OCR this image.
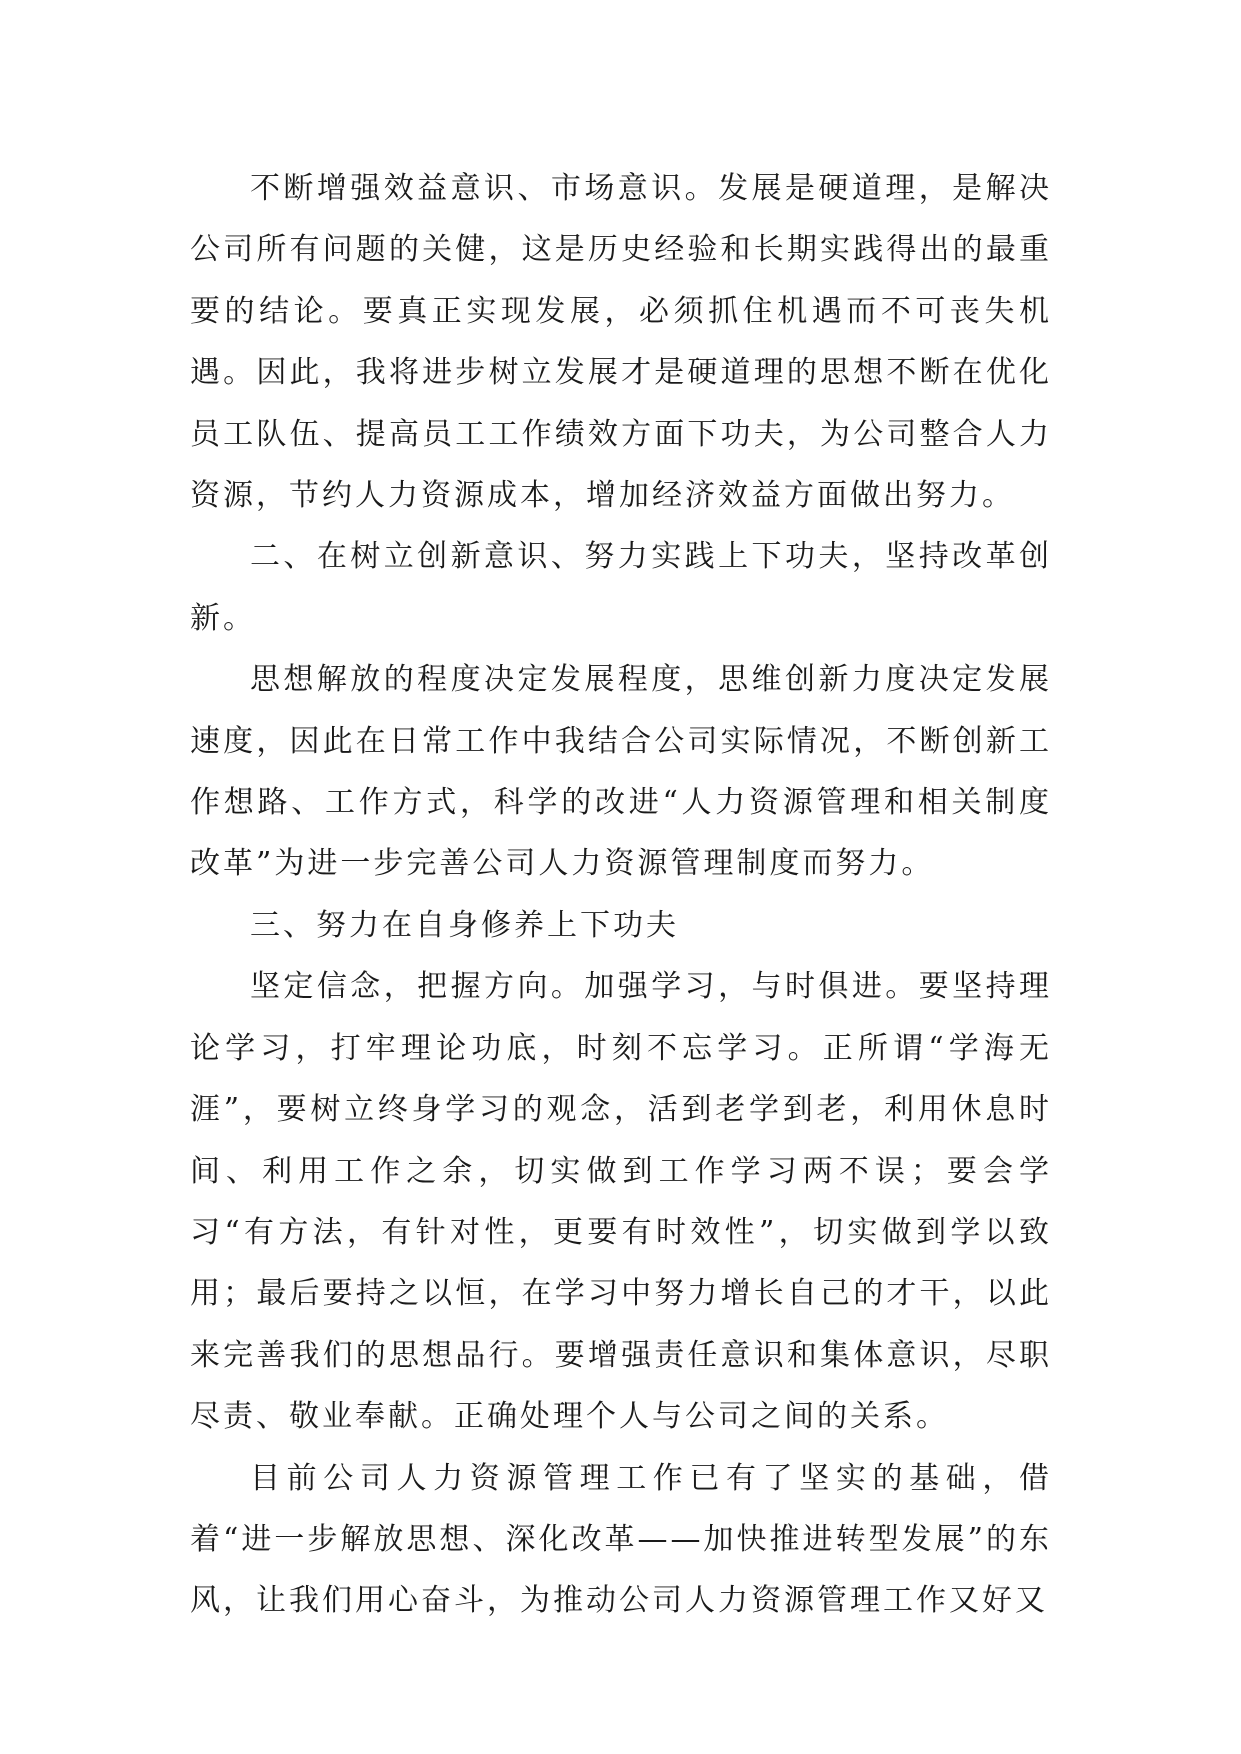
不断增强效益意识、市场意识。发展是硬道理，是解决公司所有问题的关健，这是历史经验和长期实践得出的最重要的结论。要真正实现发展，必须抓住机遇而不可丧失机遇。因此，我将进步树立发展才是硬道理的思想不断在优化员工队伍、提高员工工作绩效方面下功夫，为公司整合人力资源，节约人力资源成本，增加经济效益方面做出努力。

二、在树立创新意识、努力实践上下功夫，坚持改革创新。

思想解放的程度决定发展程度，思维创新力度决定发展速度，因此在日常工作中我结合公司实际情况，不断创新工作想路、工作方式，科学的改进“人力资源管理和相关制度改革”为进一步完善公司人力资源管理制度而努力。

三、努力在自身修养上下功夫

坚定信念，把握方向。加强学习，与时俱进。要坚持理论学习，打牢理论功底，时刻不忘学习。正所谓“学海无涯”，要树立终身学习的观念，活到老学到老，利用休息时间、利用工作之余，切实做到工作学习两不误；要会学习“有方法，有针对性，更要有时效性”，切实做到学以致用；最后要持之以恒，在学习中努力增长自己的才干，以此来完善我们的思想品行。要增强责任意识和集体意识，尽职尽责、敬业奉献。正确处理个人与公司之间的关系。

目前公司人力资源管理工作已有了坚实的基础，借着“进一步解放思想、深化改革——加快推进转型发展”的东风，让我们用心奋斗，为推动公司人力资源管理工作又好又
